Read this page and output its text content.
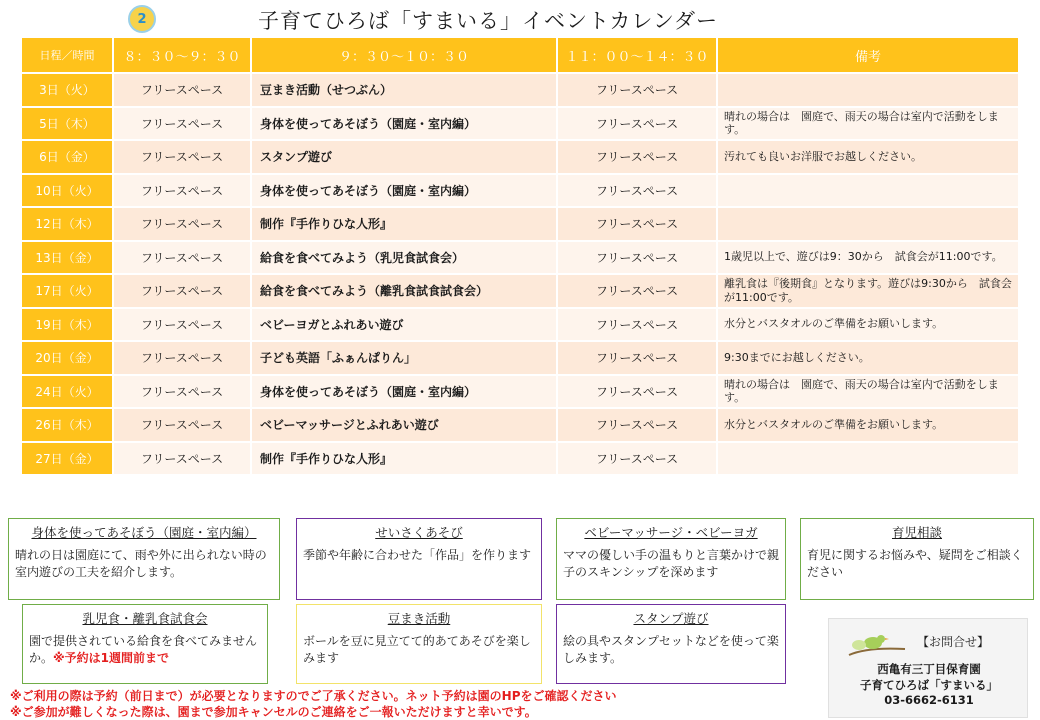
2	子育てひろば「すまいる」イベントカレンダー
日程／時間	８：３０〜９：３０	９：３０〜１０：３０	１１：００〜１４：３０	備考
3日（火）	フリースペース	豆まき活動（せつぶん）	フリースペース	
5日（木）	フリースペース	身体を使ってあそぼう（園庭・室内編）	フリースペース	晴れの場合は　園庭で、雨天の場合は室内で活動をします。
6日（金）	フリースペース	スタンプ遊び	フリースペース	汚れても良いお洋服でお越しください。
10日（火）	フリースペース	身体を使ってあそぼう（園庭・室内編）	フリースペース	
12日（木）	フリースペース	制作『手作りひな人形』	フリースペース	
13日（金）	フリースペース	給食を食べてみよう（乳児食試食会）	フリースペース	1歳児以上で、遊びは9：30から　試食会が11:00です。
17日（火）	フリースペース	給食を食べてみよう（離乳食試食試食会）	フリースペース	離乳食は『後期食』となります。遊びは9:30から　試食会が11:00です。
19日（木）	フリースペース	ベビーヨガとふれあい遊び	フリースペース	水分とバスタオルのご準備をお願いします。
20日（金）	フリースペース	子ども英語「ふぁんぱりん」	フリースペース	9:30までにお越しください。
24日（火）	フリースペース	身体を使ってあそぼう（園庭・室内編）	フリースペース	晴れの場合は　園庭で、雨天の場合は室内で活動をします。
26日（木）	フリースペース	ベビーマッサージとふれあい遊び	フリースペース	水分とバスタオルのご準備をお願いします。
27日（金）	フリースペース	制作『手作りひな人形』	フリースペース	
身体を使ってあそぼう（園庭・室内編）
晴れの日は園庭にて、雨や外に出られない時の室内遊びの工夫を紹介します。
せいさくあそび
季節や年齢に合わせた「作品」を作ります
ベビーマッサージ・ベビーヨガ
ママの優しい手の温もりと言葉かけで親子のスキンシップを深めます
育児相談
育児に関するお悩みや、疑問をご相談ください
乳児食・離乳食試食会
園で提供されている給食を食べてみませんか。※予約は1週間前まで
豆まき活動
ボールを豆に見立てて的あてあそびを楽しみます
スタンプ遊び
絵の具やスタンプセットなどを使って楽しみます。
【お問合せ】
西亀有三丁目保育園
子育てひろば「すまいる」
03-6662-6131
※ご利用の際は予約（前日まで）が必要となりますのでご了承ください。ネット予約は園のHPをご確認ください
※ご参加が難しくなった際は、園まで参加キャンセルのご連絡をご一報いただけますと幸いです。
